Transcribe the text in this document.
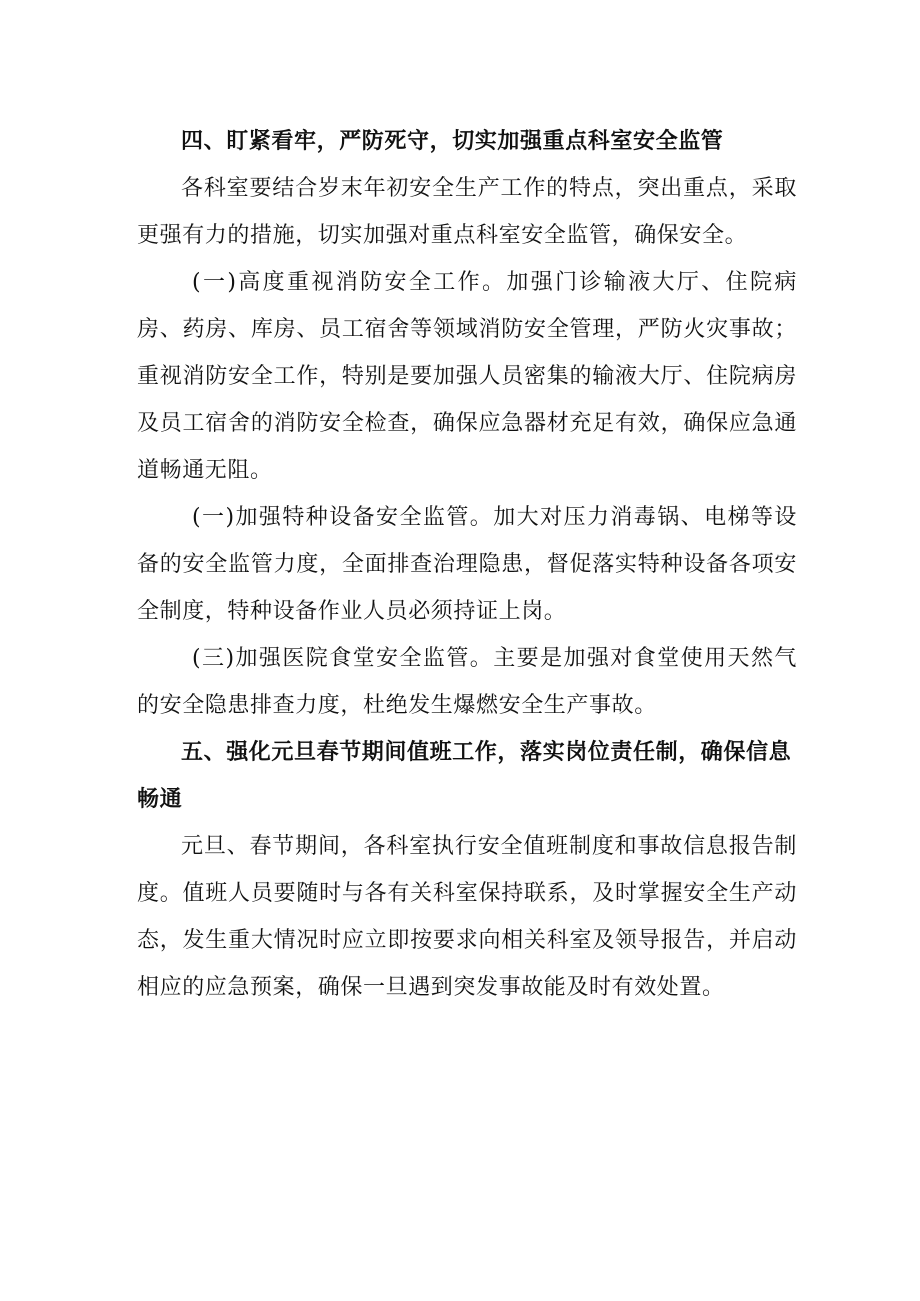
四、盯紧看牢，严防死守，切实加强重点科室安全监管

各科室要结合岁末年初安全生产工作的特点，突出重点，采取更强有力的措施，切实加强对重点科室安全监管，确保安全。

(一)高度重视消防安全工作。加强门诊输液大厅、住院病房、药房、库房、员工宿舍等领域消防安全管理，严防火灾事故；重视消防安全工作，特别是要加强人员密集的输液大厅、住院病房及员工宿舍的消防安全检查，确保应急器材充足有效，确保应急通道畅通无阻。

(一)加强特种设备安全监管。加大对压力消毒锅、电梯等设备的安全监管力度，全面排查治理隐患，督促落实特种设备各项安全制度，特种设备作业人员必须持证上岗。

(三)加强医院食堂安全监管。主要是加强对食堂使用天然气的安全隐患排查力度，杜绝发生爆燃安全生产事故。

五、强化元旦春节期间值班工作，落实岗位责任制，确保信息畅通

元旦、春节期间，各科室执行安全值班制度和事故信息报告制度。值班人员要随时与各有关科室保持联系，及时掌握安全生产动态，发生重大情况时应立即按要求向相关科室及领导报告，并启动相应的应急预案，确保一旦遇到突发事故能及时有效处置。
